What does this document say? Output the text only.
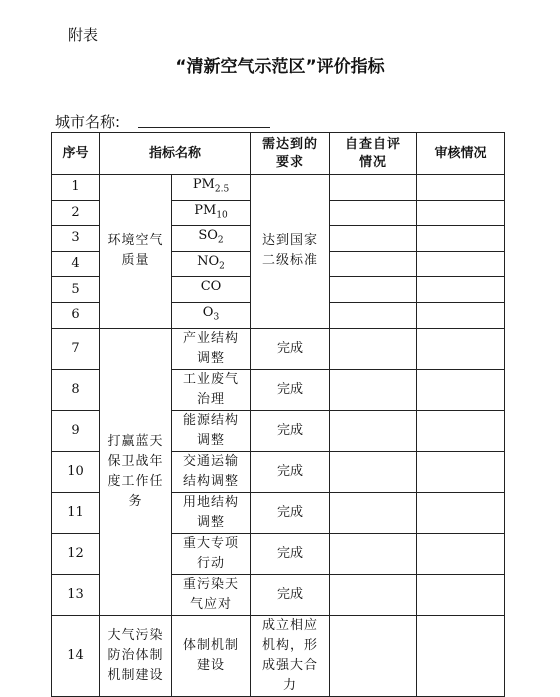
附表
“清新空气示范区”评价指标
城市名称:
序号	指标名称		需达到的要求	自查自评情况	审核情况
1	环境空气质量	$PM_{2.5}$	达到国家二级标准		
2		$PM_{10}$		
3		$SO_2$		
4		$NO_2$		
5		CO			
6		$O_3$		
7	打赢蓝天保卫战年度工作任务	产业结构调整	完成		
8		工业废气治理	完成		
9		能源结构调整	完成		
10		交通运输结构调整	完成		
11		用地结构调整	完成		
12		重大专项行动	完成		
13		重污染天气应对	完成		
14	大气污染防治体制机制建设	体制机制建设	成立相应机构，形成强大合力		
